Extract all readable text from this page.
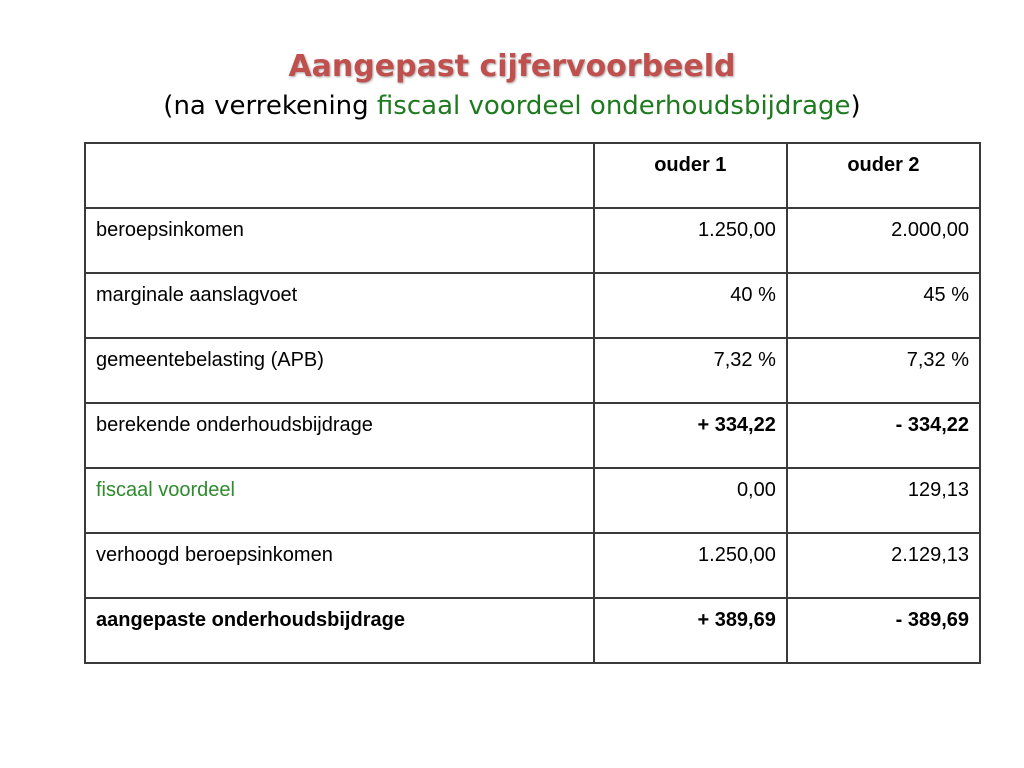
Aangepast cijfervoorbeeld
(na verrekening fiscaal voordeel onderhoudsbijdrage)
	ouder 1	ouder 2
beroepsinkomen	1.250,00	2.000,00
marginale aanslagvoet	40 %	45 %
gemeentebelasting (APB)	7,32 %	7,32 %
berekende onderhoudsbijdrage	+ 334,22	- 334,22
fiscaal voordeel	0,00	129,13
verhoogd beroepsinkomen	1.250,00	2.129,13
aangepaste onderhoudsbijdrage	+ 389,69	- 389,69
